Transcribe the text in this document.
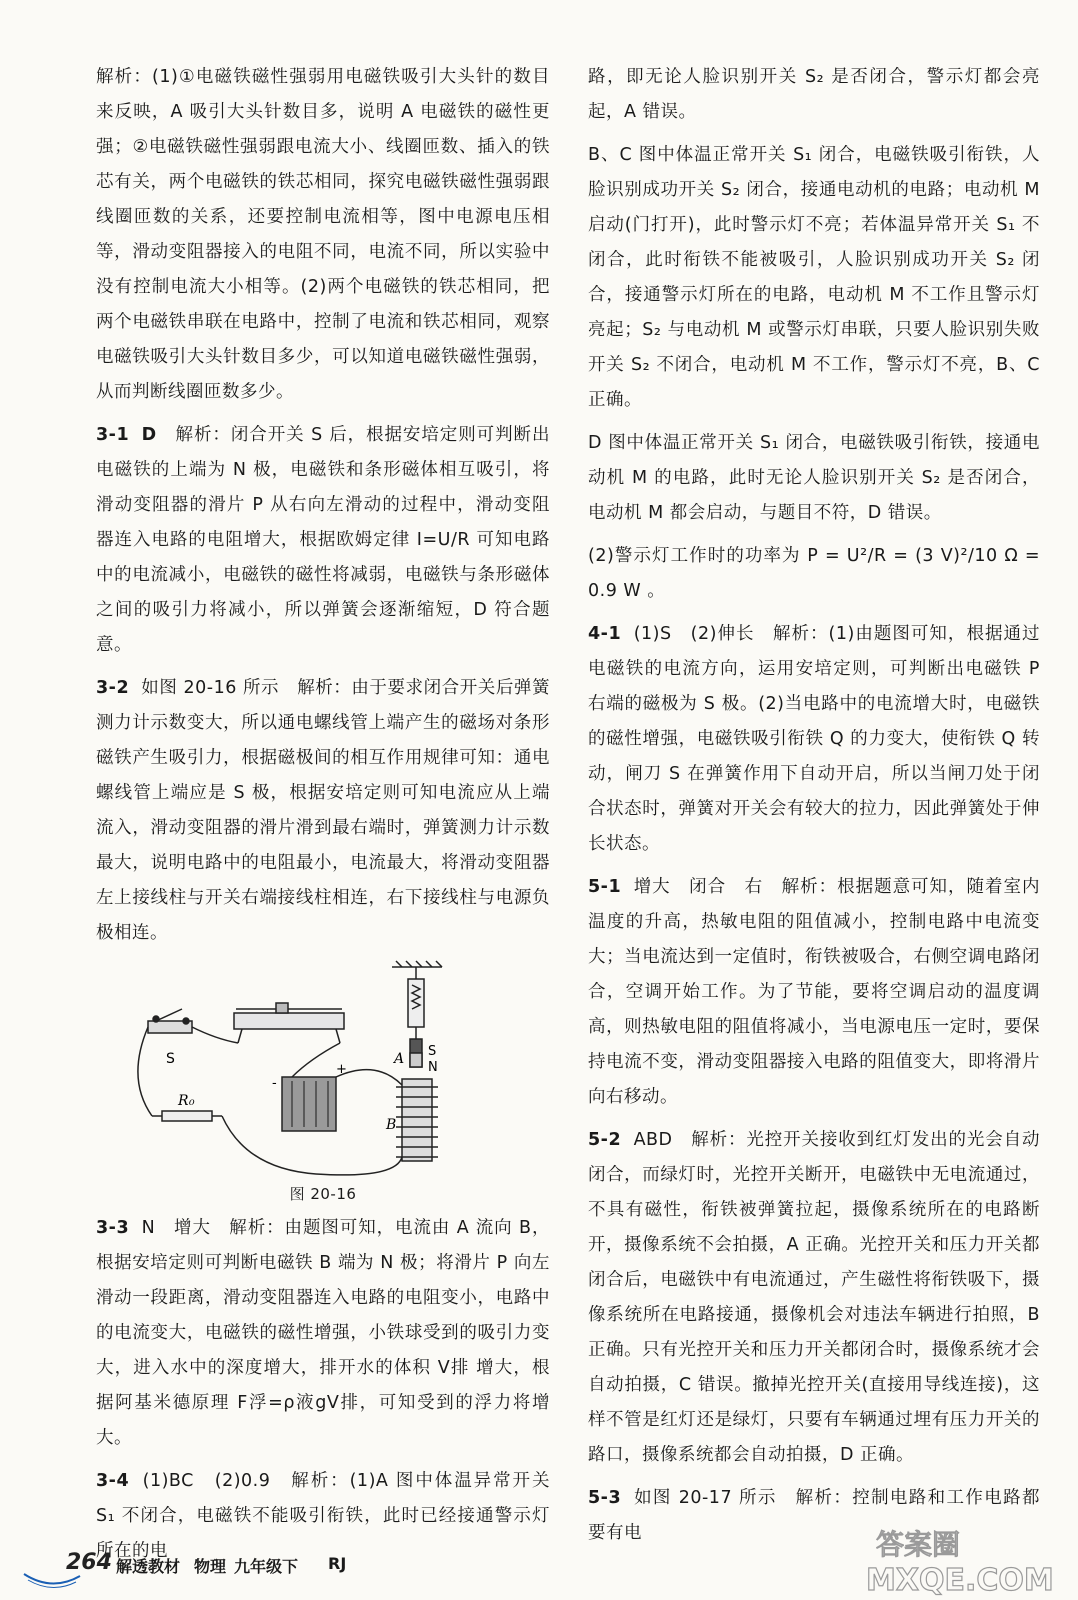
解析：(1)①电磁铁磁性强弱用电磁铁吸引大头针的数目来反映，A 吸引大头针数目多，说明 A 电磁铁的磁性更强；②电磁铁磁性强弱跟电流大小、线圈匝数、插入的铁芯有关，两个电磁铁的铁芯相同，探究电磁铁磁性强弱跟线圈匝数的关系，还要控制电流相等，图中电源电压相等，滑动变阻器接入的电阻不同，电流不同，所以实验中没有控制电流大小相等。(2)两个电磁铁的铁芯相同，把两个电磁铁串联在电路中，控制了电流和铁芯相同，观察电磁铁吸引大头针数目多少，可以知道电磁铁磁性强弱，从而判断线圈匝数多少。
3-1 D　 解析：闭合开关 S 后，根据安培定则可判断出电磁铁的上端为 N 极，电磁铁和条形磁体相互吸引，将滑动变阻器的滑片 P 从右向左滑动的过程中，滑动变阻器连入电路的电阻增大，根据欧姆定律 I=U/R 可知电路中的电流减小，电磁铁的磁性将减弱，电磁铁与条形磁体之间的吸引力将减小，所以弹簧会逐渐缩短，D 符合题意。
3-2 如图 20-16 所示　 解析：由于要求闭合开关后弹簧测力计示数变大，所以通电螺线管上端产生的磁场对条形磁铁产生吸引力，根据磁极间的相互作用规律可知：通电螺线管上端应是 S 极，根据安培定则可知电流应从上端流入，滑动变阻器的滑片滑到最右端时，弹簧测力计示数最大，说明电路中的电阻最小，电流最大，将滑动变阻器左上接线柱与开关右端接线柱相连，右下接线柱与电源负极相连。
-
+
S
R₀
A S
N
B
图 20-16
3-3 N　增大　 解析：由题图可知，电流由 A 流向 B，根据安培定则可判断电磁铁 B 端为 N 极；将滑片 P 向左滑动一段距离，滑动变阻器连入电路的电阻变小，电路中的电流变大，电磁铁的磁性增强，小铁球受到的吸引力变大，进入水中的深度增大，排开水的体积 V排 增大，根据阿基米德原理 F浮=ρ液gV排，可知受到的浮力将增大。
3-4 (1)BC　(2)0.9　 解析：(1)A 图中体温异常开关 S₁ 不闭合，电磁铁不能吸引衔铁，此时已经接通警示灯所在的电
路，即无论人脸识别开关 S₂ 是否闭合，警示灯都会亮起，A 错误。
B、C 图中体温正常开关 S₁ 闭合，电磁铁吸引衔铁，人脸识别成功开关 S₂ 闭合，接通电动机的电路；电动机 M 启动(门打开)，此时警示灯不亮；若体温异常开关 S₁ 不闭合，此时衔铁不能被吸引，人脸识别成功开关 S₂ 闭合，接通警示灯所在的电路，电动机 M 不工作且警示灯亮起；S₂ 与电动机 M 或警示灯串联，只要人脸识别失败开关 S₂ 不闭合，电动机 M 不工作，警示灯不亮，B、C 正确。
D 图中体温正常开关 S₁ 闭合，电磁铁吸引衔铁，接通电动机 M 的电路，此时无论人脸识别开关 S₂ 是否闭合，电动机 M 都会启动，与题目不符，D 错误。
(2)警示灯工作时的功率为 P = U²/R = (3 V)²/10 Ω = 0.9 W 。
4-1 (1)S　(2)伸长　 解析：(1)由题图可知，根据通过电磁铁的电流方向，运用安培定则，可判断出电磁铁 P 右端的磁极为 S 极。(2)当电路中的电流增大时，电磁铁的磁性增强，电磁铁吸引衔铁 Q 的力变大，使衔铁 Q 转动，闸刀 S 在弹簧作用下自动开启，所以当闸刀处于闭合状态时，弹簧对开关会有较大的拉力，因此弹簧处于伸长状态。
5-1 增大　闭合　右　 解析：根据题意可知，随着室内温度的升高，热敏电阻的阻值减小，控制电路中电流变大；当电流达到一定值时，衔铁被吸合，右侧空调电路闭合，空调开始工作。为了节能，要将空调启动的温度调高，则热敏电阻的阻值将减小，当电源电压一定时，要保持电流不变，滑动变阻器接入电路的阻值变大，即将滑片向右移动。
5-2 ABD　 解析：光控开关接收到红灯发出的光会自动闭合，而绿灯时，光控开关断开，电磁铁中无电流通过，不具有磁性，衔铁被弹簧拉起，摄像系统所在的电路断开，摄像系统不会拍摄，A 正确。光控开关和压力开关都闭合后，电磁铁中有电流通过，产生磁性将衔铁吸下，摄像系统所在电路接通，摄像机会对违法车辆进行拍照，B 正确。只有光控开关和压力开关都闭合时，摄像系统才会自动拍摄，C 错误。撤掉光控开关(直接用导线连接)，这样不管是红灯还是绿灯，只要有车辆通过埋有压力开关的路口，摄像系统都会自动拍摄，D 正确。
5-3 如图 20-17 所示　 解析：控制电路和工作电路都要有电
264 解透教材 物理 九年级下 RJ
答案圈
MXQE.COM
